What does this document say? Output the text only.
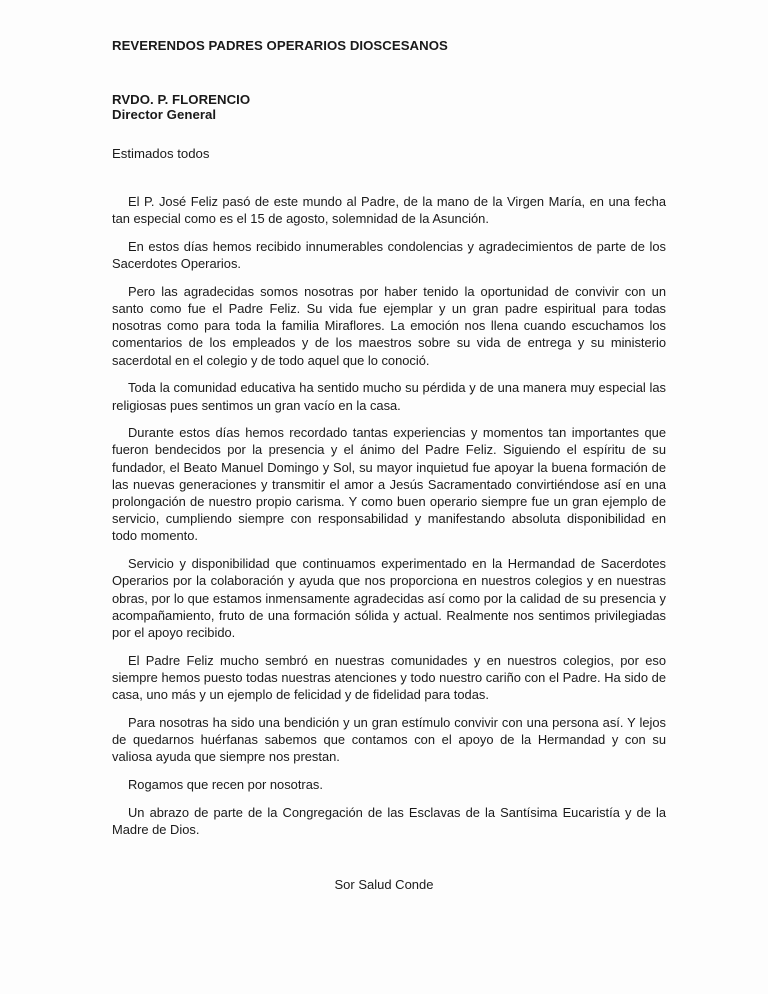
REVERENDOS PADRES OPERARIOS DIOSCESANOS
RVDO. P. FLORENCIO
Director General
Estimados todos

El P. José Feliz pasó de este mundo al Padre, de la mano de la Virgen María, en una fecha tan especial como es el 15 de agosto, solemnidad de la Asunción.

En estos días hemos recibido innumerables condolencias y agradecimientos de parte de los Sacerdotes Operarios.

Pero las agradecidas somos nosotras por haber tenido la oportunidad de convivir con un santo como fue el Padre Feliz. Su vida fue ejemplar y un gran padre espiritual para todas nosotras como para toda la familia Miraflores. La emoción nos llena cuando escuchamos los comentarios de los empleados y de los maestros sobre su vida de entrega y su ministerio sacerdotal en el colegio y de todo aquel que lo conoció.

Toda la comunidad educativa ha sentido mucho su pérdida y de una manera muy especial las religiosas pues sentimos un gran vacío en la casa.

Durante estos días hemos recordado tantas experiencias y momentos tan importantes que fueron bendecidos por la presencia y el ánimo del Padre Feliz. Siguiendo el espíritu de su fundador, el Beato Manuel Domingo y Sol, su mayor inquietud fue apoyar la buena formación de las nuevas generaciones y transmitir el amor a Jesús Sacramentado convirtiéndose así en una prolongación de nuestro propio carisma. Y como buen operario siempre fue un gran ejemplo de servicio, cumpliendo siempre con responsabilidad y manifestando absoluta disponibilidad en todo momento.

Servicio y disponibilidad que continuamos experimentado en la Hermandad de Sacerdotes Operarios por la colaboración y ayuda que nos proporciona en nuestros colegios y en nuestras obras, por lo que estamos inmensamente agradecidas así como por la calidad de su presencia y acompañamiento, fruto de una formación sólida y actual. Realmente nos sentimos privilegiadas por el apoyo recibido.

El Padre Feliz mucho sembró en nuestras comunidades y en nuestros colegios, por eso siempre hemos puesto todas nuestras atenciones y todo nuestro cariño con el Padre. Ha sido de casa, uno más y un ejemplo de felicidad y de fidelidad para todas.

Para nosotras ha sido una bendición y un gran estímulo convivir con una persona así. Y lejos de quedarnos huérfanas sabemos que contamos con el apoyo de la Hermandad y con su valiosa ayuda que siempre nos prestan.

Rogamos que recen por nosotras.

Un abrazo de parte de la Congregación de las Esclavas de la Santísima Eucaristía y de la Madre de Dios.

Sor Salud Conde
